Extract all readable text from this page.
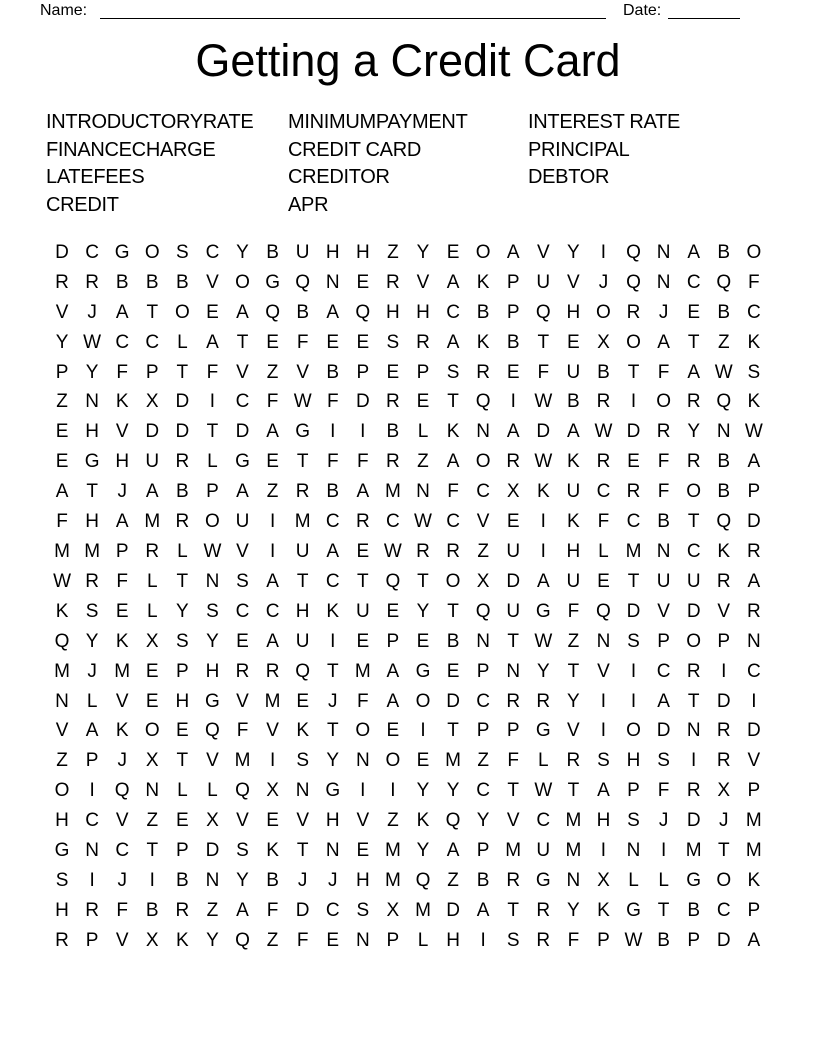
Name:	Date:
Getting a Credit Card
INTRODUCTORYRATE
FINANCECHARGE
LATEFEES
CREDIT
MINIMUMPAYMENT
CREDIT CARD
CREDITOR
APR
INTEREST RATE
PRINCIPAL
DEBTOR
D C G O S C Y B U H H Z Y E O A V Y	I	Q N A B O
R R B B B V O G Q N E R V A K P U V J Q N C Q F
V J A T O E A Q B A Q H H C B P Q H O R J E B C
Y W C C L A T E F E E S R A K B T E X O A T Z K
P Y F P T F V Z V B P E P S R E F U B T F A W S
Z N K X D	I	C F W F D R E T Q	I W B R	I	O R Q K
E H V D D T D A G	I	I	B L K N A D A W D R Y N W
E G H U R L G E T F F R Z A O R W K R E F R B A
A T	J A B P A Z R B A M N F C X K U C R F O B P
F H A M R O U	I	M C R C W C V E	I	K F C B T Q D
M M P R L W V	I	U A E W R R Z U	I	H L M N C K R
W R F L T N S A T C T Q T O X D A U E T U U R A
K S E L Y S C C H K U E Y T Q U G F Q D V D V R
Q Y K X S Y E A U	I	E P E B N T W Z N S P O P N
M J M E P H R R Q T M A G E P N Y T V	I	C R	I	C
N L V E H G V M E J	F A O D C R R Y	I	I	A T D	I
V A K O E Q F V K T O E	I	T P P G V	I	O D N R D
Z P J X T V M	I	S Y N O E M Z F L R S H S	I	R V
O	I	Q N L	L Q X N G	I	I	Y Y C T W T A P F R X P
H C V Z E X V E V H V Z K Q Y V C M H S J D J M
G N C T P D S K T N E M Y A P M U M	I	N	I	M T M
S	I	J	I	B N Y B J	J H M Q Z B R G N X L	L G O K
H R F B R Z A F D C S X M D A T R Y K G T B C P
R P V X K Y Q Z F E N P L H	I	S R F P W B P D A
